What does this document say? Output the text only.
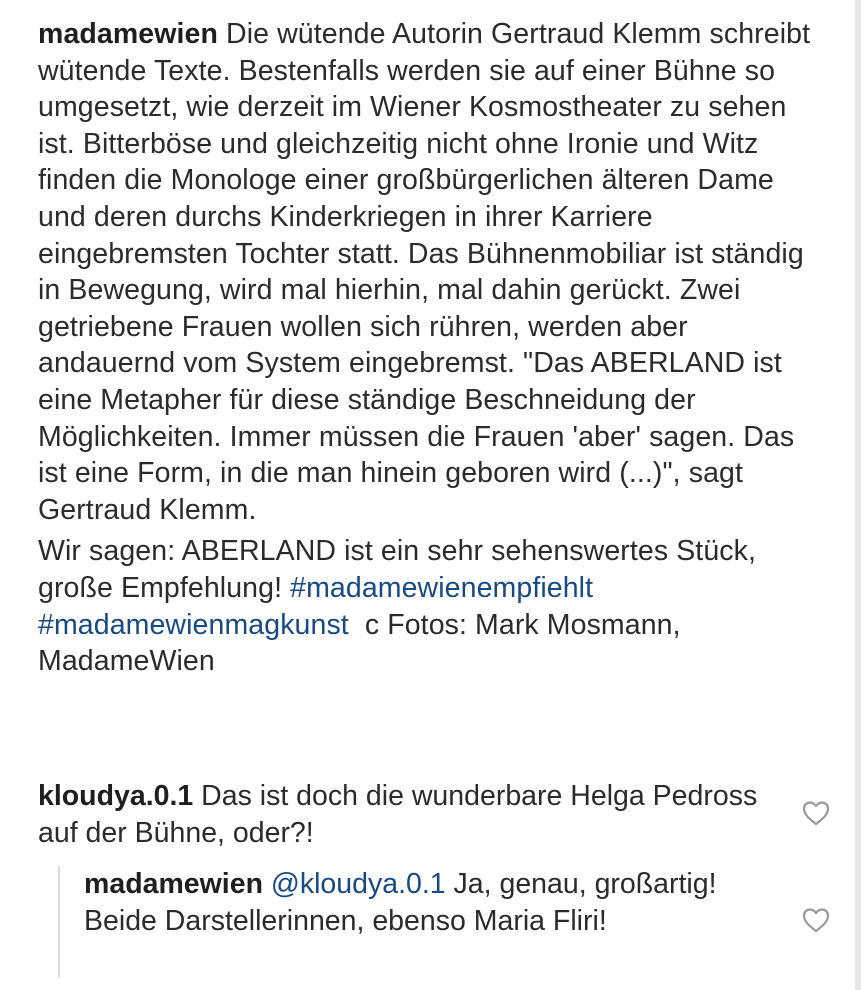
madamewien Die wütende Autorin Gertraud Klemm schreibt wütende Texte. Bestenfalls werden sie auf einer Bühne so umgesetzt, wie derzeit im Wiener Kosmostheater zu sehen ist. Bitterböse und gleichzeitig nicht ohne Ironie und Witz finden die Monologe einer großbürgerlichen älteren Dame und deren durchs Kinderkriegen in ihrer Karriere eingebremsten Tochter statt. Das Bühnenmobiliar ist ständig in Bewegung, wird mal hierhin, mal dahin gerückt. Zwei getriebene Frauen wollen sich rühren, werden aber andauernd vom System eingebremst. "Das ABERLAND ist eine Metapher für diese ständige Beschneidung der Möglichkeiten. Immer müssen die Frauen 'aber' sagen. Das ist eine Form, in die man hinein geboren wird (...)", sagt Gertraud Klemm.

Wir sagen: ABERLAND ist ein sehr sehenswertes Stück, große Empfehlung! #madamewienempfiehlt #madamewienmagkunst c Fotos: Mark Mosmann, MadameWien

kloudya.0.1 Das ist doch die wunderbare Helga Pedross auf der Bühne, oder?!
madamewien @kloudya.0.1 Ja, genau, großartig! Beide Darstellerinnen, ebenso Maria Fliri!
